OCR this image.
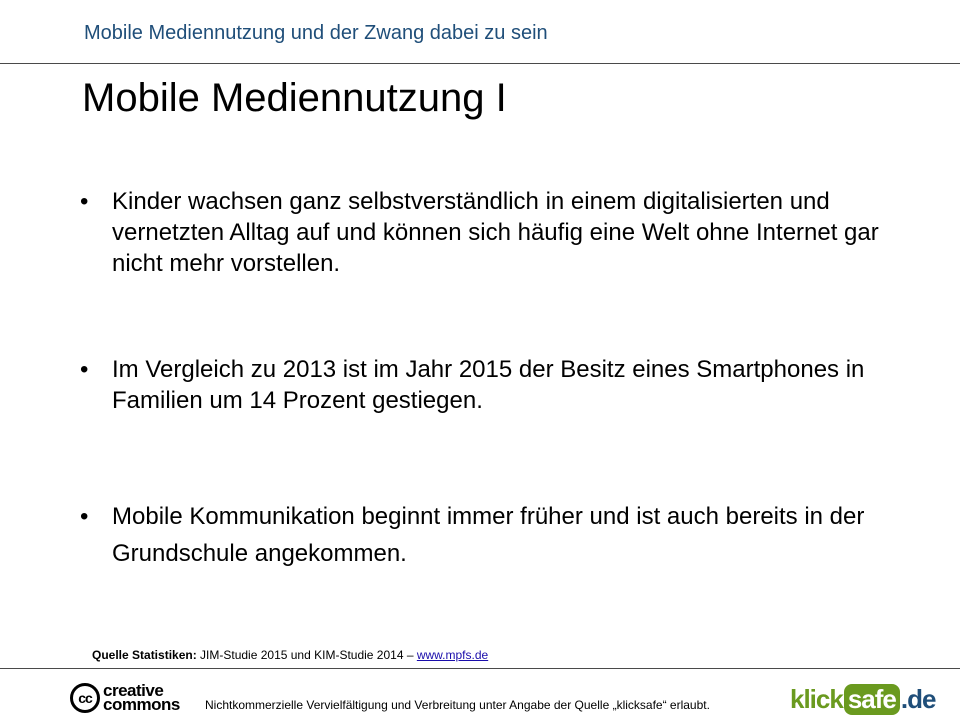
Mobile Mediennutzung und der Zwang dabei zu sein
Mobile Mediennutzung I
• Kinder wachsen ganz selbstverständlich in einem digitalisierten und vernetzten Alltag auf und können sich häufig eine Welt ohne Internet gar nicht mehr vorstellen.
• Im Vergleich zu 2013 ist im Jahr 2015 der Besitz eines Smartphones in Familien um 14 Prozent gestiegen.
• Mobile Kommunikation beginnt immer früher und ist auch bereits in der Grundschule angekommen.
Quelle Statistiken: JIM-Studie 2015 und KIM-Studie 2014 – www.mpfs.de
cc creative
commons Nichtkommerzielle Vervielfältigung und Verbreitung unter Angabe der Quelle „klicksafe“ erlaubt.	klick safe .de
